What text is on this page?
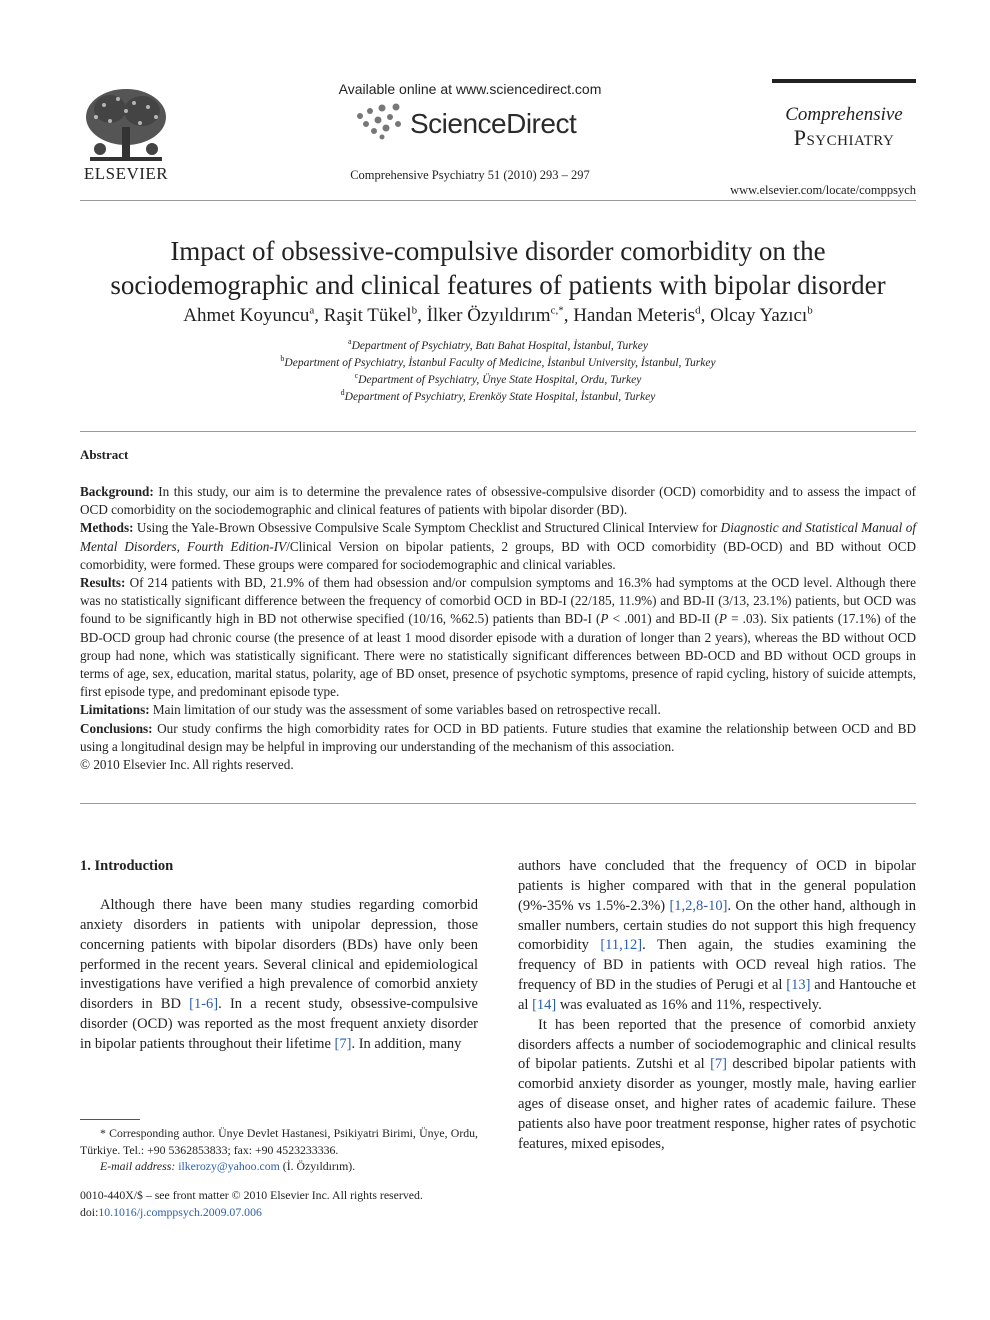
ELSEVIER
Available online at www.sciencedirect.com
ScienceDirect
Comprehensive Psychiatry 51 (2010) 293 – 297
Comprehensive
Psychiatry
www.elsevier.com/locate/comppsych
Impact of obsessive-compulsive disorder comorbidity on the
sociodemographic and clinical features of patients with bipolar disorder
Ahmet Koyuncu$^a$, Raşit Tükel$^b$, İlker Özyıldırım$^{c,*}$, Handan Meteris$^d$, Olcay Yazıcı$^b$
$^a$Department of Psychiatry, Batı Bahat Hospital, İstanbul, Turkey
$^b$Department of Psychiatry, İstanbul Faculty of Medicine, İstanbul University, İstanbul, Turkey
$^c$Department of Psychiatry, Ünye State Hospital, Ordu, Turkey
$^d$Department of Psychiatry, Erenköy State Hospital, İstanbul, Turkey
Abstract

Background: In this study, our aim is to determine the prevalence rates of obsessive-compulsive disorder (OCD) comorbidity and to assess the impact of OCD comorbidity on the sociodemographic and clinical features of patients with bipolar disorder (BD).

Methods: Using the Yale-Brown Obsessive Compulsive Scale Symptom Checklist and Structured Clinical Interview for Diagnostic and Statistical Manual of Mental Disorders, Fourth Edition-IV/Clinical Version on bipolar patients, 2 groups, BD with OCD comorbidity (BD-OCD) and BD without OCD comorbidity, were formed. These groups were compared for sociodemographic and clinical variables.

Results: Of 214 patients with BD, 21.9% of them had obsession and/or compulsion symptoms and 16.3% had symptoms at the OCD level. Although there was no statistically significant difference between the frequency of comorbid OCD in BD-I (22/185, 11.9%) and BD-II (3/13, 23.1%) patients, but OCD was found to be significantly high in BD not otherwise specified (10/16, %62.5) patients than BD-I (P < .001) and BD-II (P = .03). Six patients (17.1%) of the BD-OCD group had chronic course (the presence of at least 1 mood disorder episode with a duration of longer than 2 years), whereas the BD without OCD group had none, which was statistically significant. There were no statistically significant differences between BD-OCD and BD without OCD groups in terms of age, sex, education, marital status, polarity, age of BD onset, presence of psychotic symptoms, presence of rapid cycling, history of suicide attempts, first episode type, and predominant episode type.

Limitations: Main limitation of our study was the assessment of some variables based on retrospective recall.

Conclusions: Our study confirms the high comorbidity rates for OCD in BD patients. Future studies that examine the relationship between OCD and BD using a longitudinal design may be helpful in improving our understanding of the mechanism of this association.

© 2010 Elsevier Inc. All rights reserved.

1. Introduction

Although there have been many studies regarding comorbid anxiety disorders in patients with unipolar depression, those concerning patients with bipolar disorders (BDs) have only been performed in the recent years. Several clinical and epidemiological investigations have verified a high prevalence of comorbid anxiety disorders in BD [1-6]. In a recent study, obsessive-compulsive disorder (OCD) was reported as the most frequent anxiety disorder in bipolar patients throughout their lifetime [7]. In addition, many

* Corresponding author. Ünye Devlet Hastanesi, Psikiyatri Birimi, Ünye, Ordu, Türkiye. Tel.: +90 5362853833; fax: +90 4523233336.

E-mail address: ilkerozy@yahoo.com (İ. Özyıldırım).

0010-440X/$ – see front matter © 2010 Elsevier Inc. All rights reserved.

doi:10.1016/j.comppsych.2009.07.006

authors have concluded that the frequency of OCD in bipolar patients is higher compared with that in the general population (9%-35% vs 1.5%-2.3%) [1,2,8-10]. On the other hand, although in smaller numbers, certain studies do not support this high frequency comorbidity [11,12]. Then again, the studies examining the frequency of BD in patients with OCD reveal high ratios. The frequency of BD in the studies of Perugi et al [13] and Hantouche et al [14] was evaluated as 16% and 11%, respectively.

It has been reported that the presence of comorbid anxiety disorders affects a number of sociodemographic and clinical results of bipolar patients. Zutshi et al [7] described bipolar patients with comorbid anxiety disorder as younger, mostly male, having earlier ages of disease onset, and higher rates of academic failure. These patients also have poor treatment response, higher rates of psychotic features, mixed episodes,
